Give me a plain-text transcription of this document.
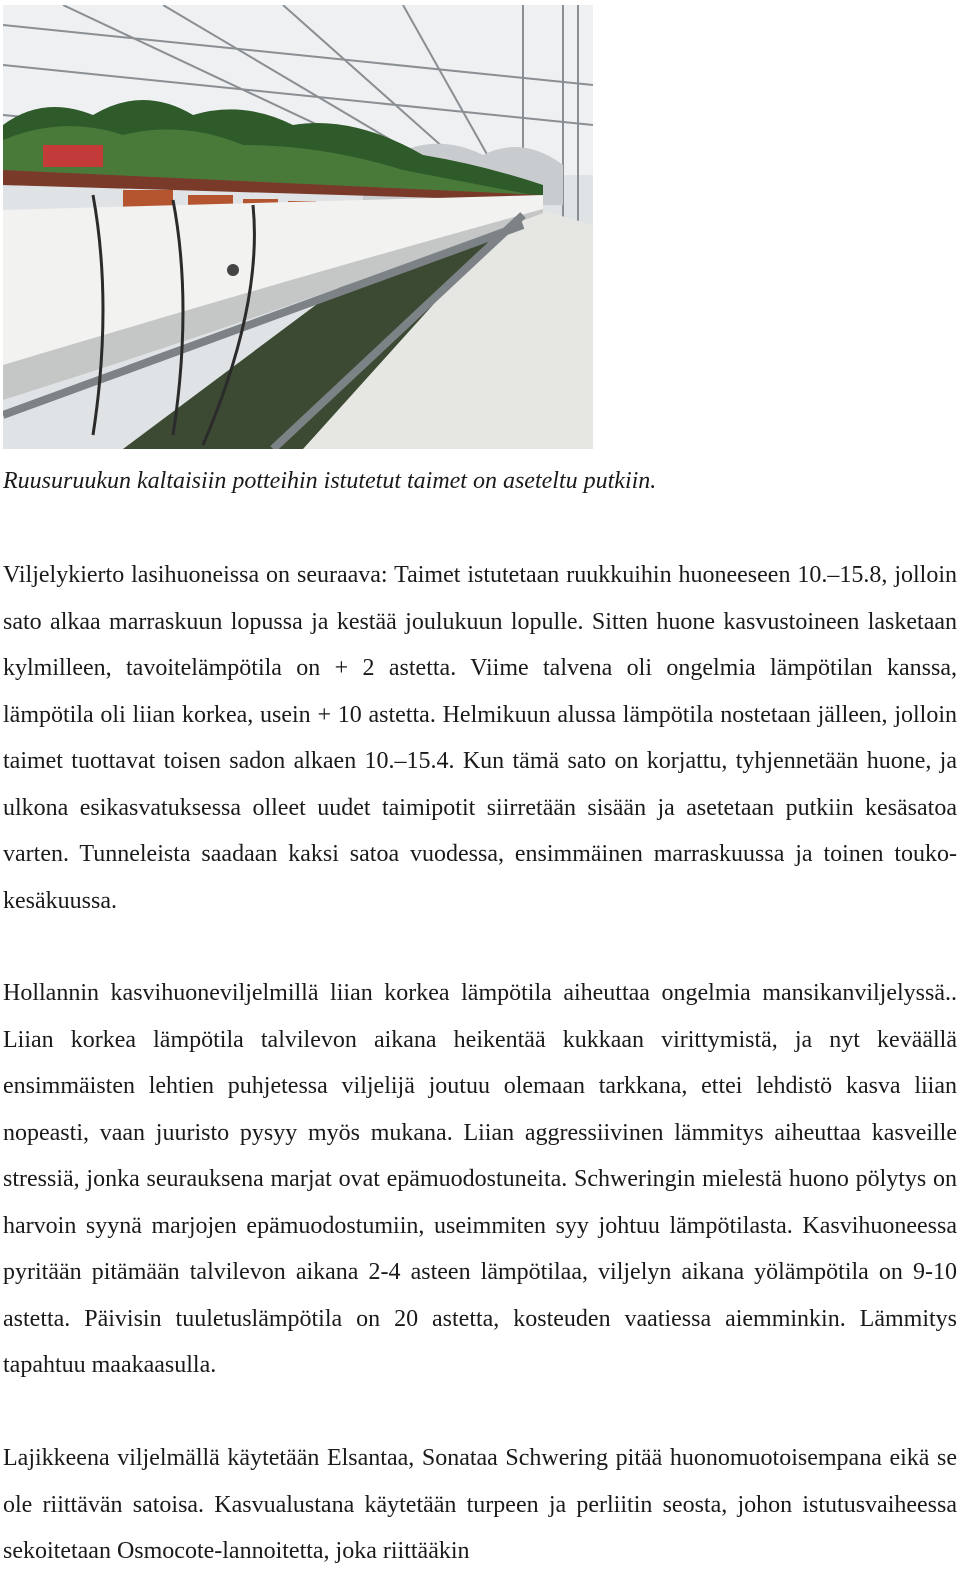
Ruusuruukun kaltaisiin potteihin istutetut taimet on aseteltu putkiin.

Viljelykierto lasihuoneissa on seuraava: Taimet istutetaan ruukkuihin huoneeseen 10.–15.8, jolloin sato alkaa marraskuun lopussa ja kestää joulukuun lopulle. Sitten huone kasvustoineen lasketaan kylmilleen, tavoitelämpötila on + 2 astetta. Viime talvena oli ongelmia lämpötilan kanssa, lämpötila oli liian korkea, usein + 10 astetta. Helmikuun alussa lämpötila nostetaan jälleen, jolloin taimet tuottavat toisen sadon alkaen 10.–15.4. Kun tämä sato on korjattu, tyhjennetään huone, ja ulkona esikasvatuksessa olleet uudet taimipotit siirretään sisään ja asetetaan putkiin kesäsatoa varten. Tunneleista saadaan kaksi satoa vuodessa, ensimmäinen marraskuussa ja toinen touko-kesäkuussa.

Hollannin kasvihuoneviljelmillä liian korkea lämpötila aiheuttaa ongelmia mansikanviljelyssä.. Liian korkea lämpötila talvilevon aikana heikentää kukkaan virittymistä, ja nyt keväällä ensimmäisten lehtien puhjetessa viljelijä joutuu olemaan tarkkana, ettei lehdistö kasva liian nopeasti, vaan juuristo pysyy myös mukana. Liian aggressiivinen lämmitys aiheuttaa kasveille stressiä, jonka seurauksena marjat ovat epämuodostuneita. Schweringin mielestä huono pölytys on harvoin syynä marjojen epämuodostumiin, useimmiten syy johtuu lämpötilasta. Kasvihuoneessa pyritään pitämään talvilevon aikana 2-4 asteen lämpötilaa, viljelyn aikana yölämpötila on 9-10 astetta. Päivisin tuuletuslämpötila on 20 astetta, kosteuden vaatiessa aiemminkin. Lämmitys tapahtuu maakaasulla.

Lajikkeena viljelmällä käytetään Elsantaa, Sonataa Schwering pitää huonomuotoisempana eikä se ole riittävän satoisa. Kasvualustana käytetään turpeen ja perliitin seosta, johon istutusvaiheessa sekoitetaan Osmocote-lannoitetta, joka riittääkin
